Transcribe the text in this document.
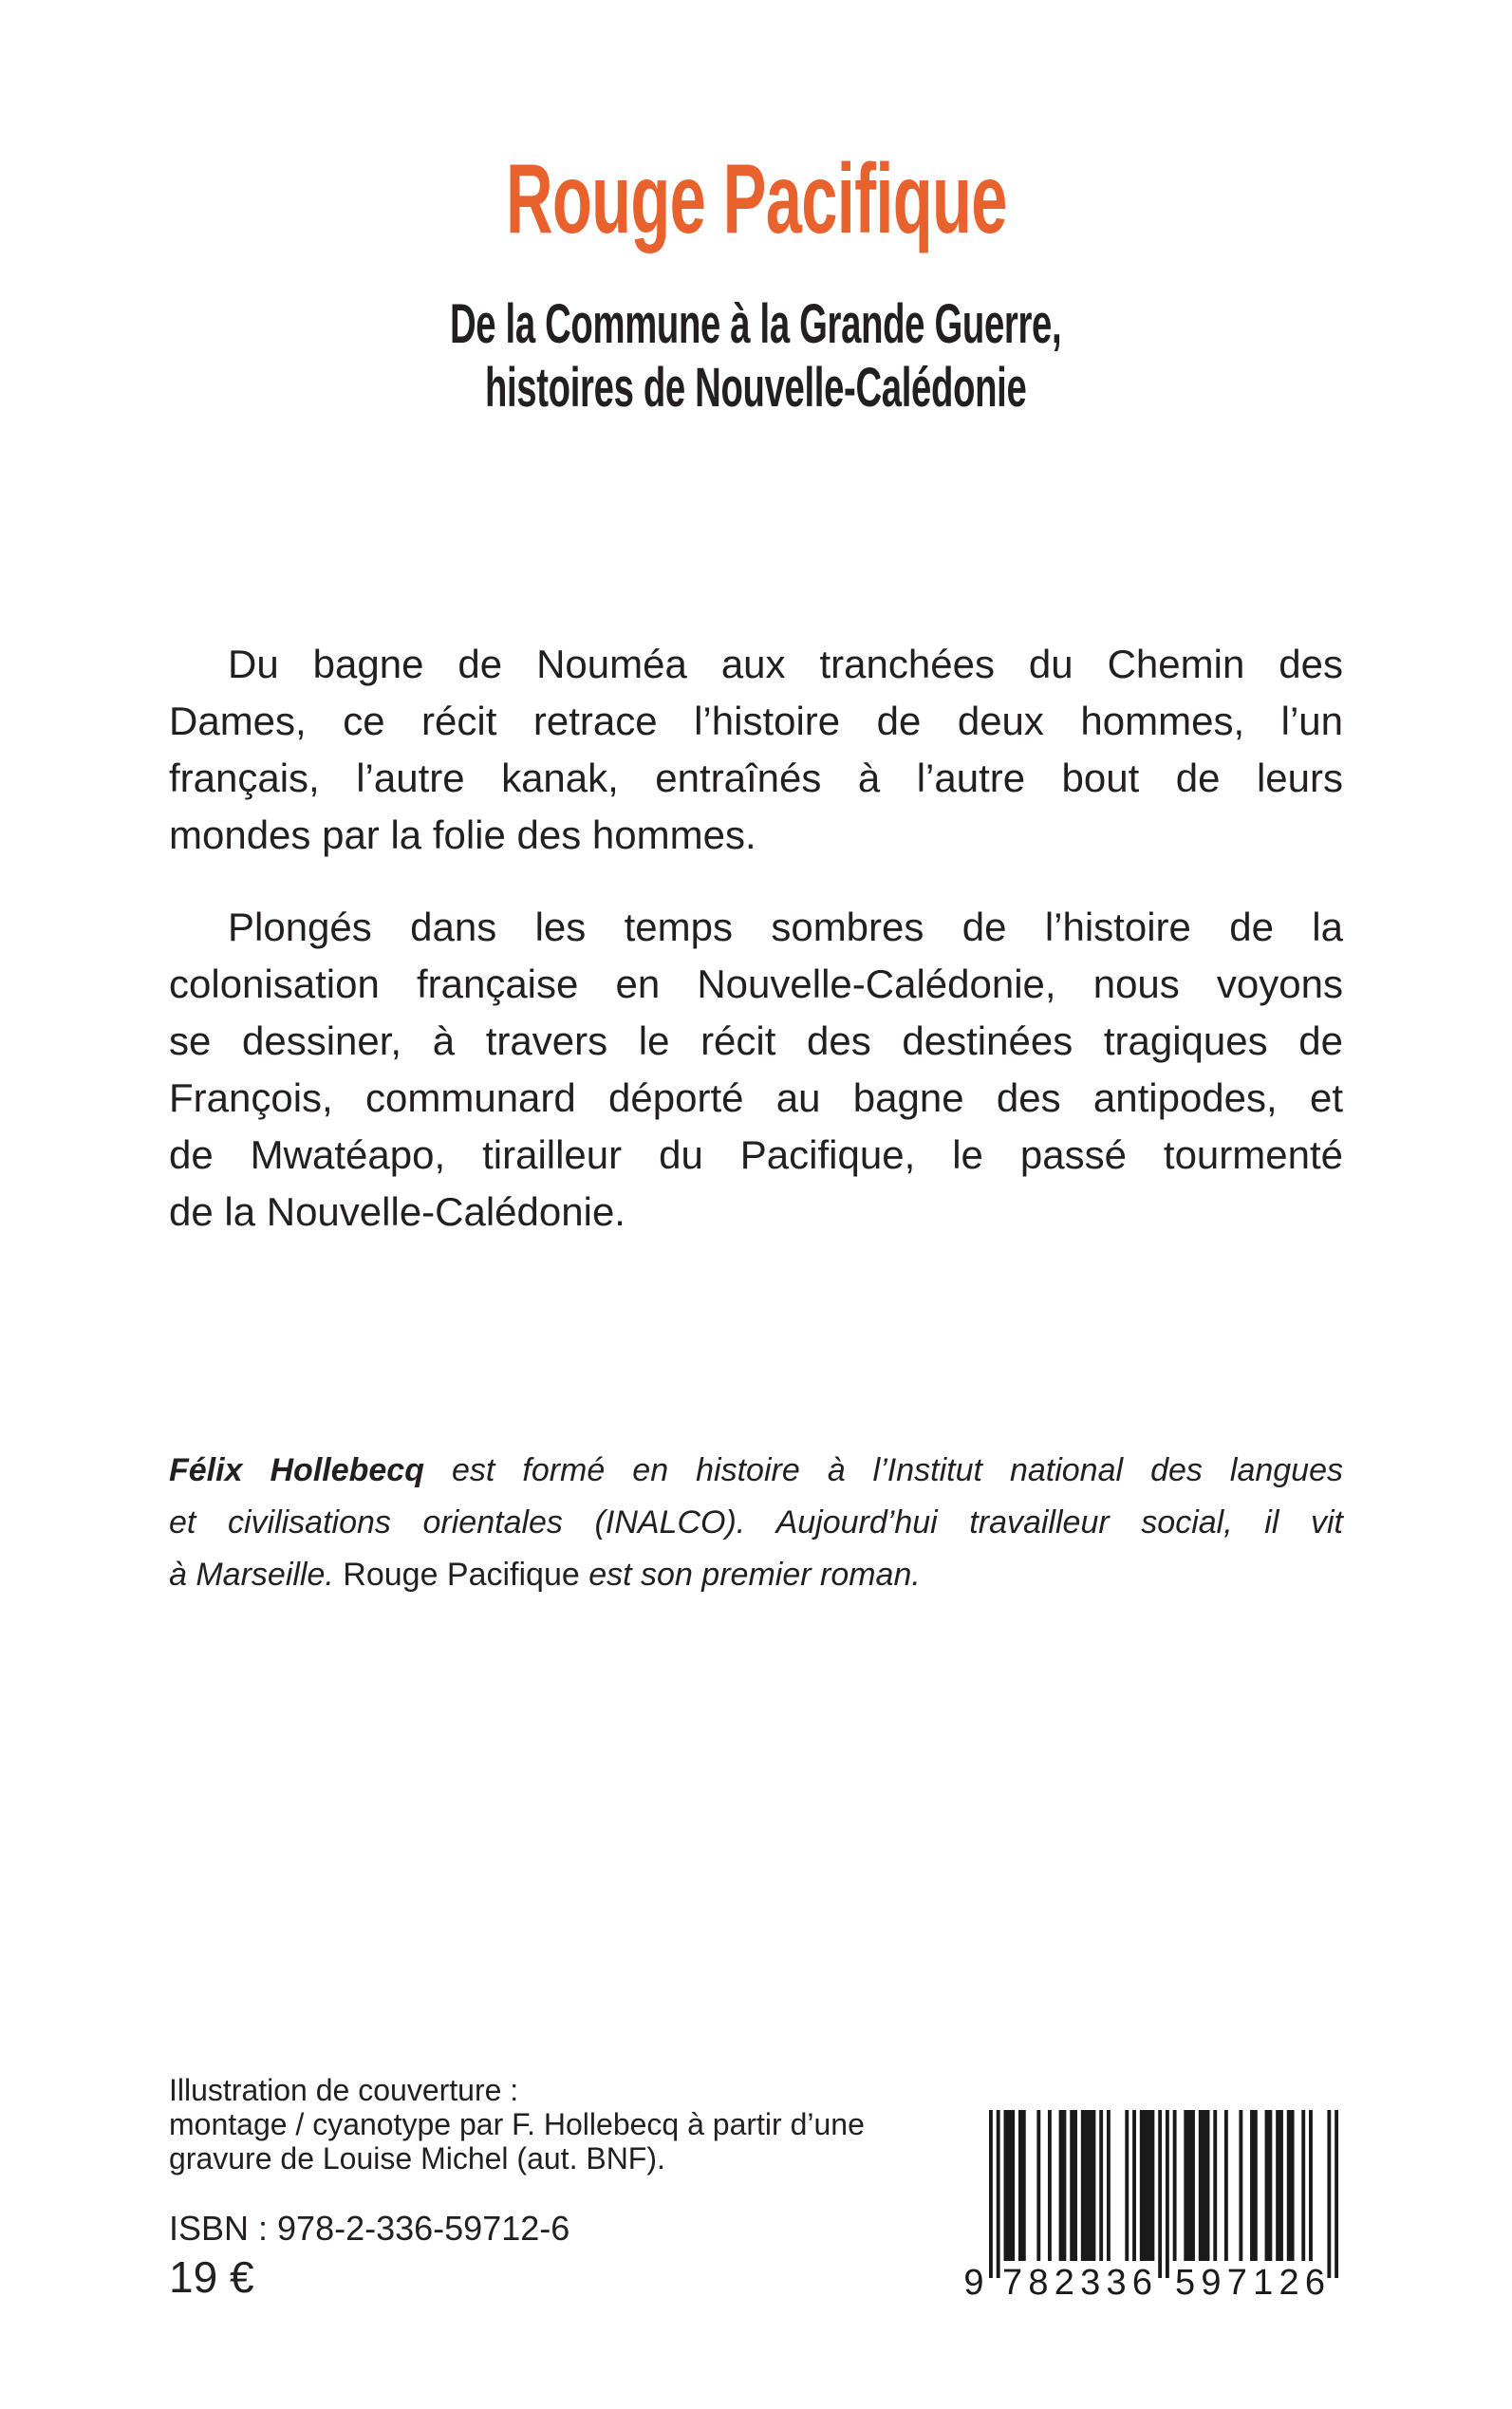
Rouge Pacifique
De la Commune à la Grande Guerre,
histoires de Nouvelle-Calédonie
Du bagne de Nouméa aux tranchées du Chemin des
Dames, ce récit retrace l’histoire de deux hommes, l’un
français, l’autre kanak, entraînés à l’autre bout de leurs
mondes par la folie des hommes.
Plongés dans les temps sombres de l’histoire de la
colonisation française en Nouvelle-Calédonie, nous voyons
se dessiner, à travers le récit des destinées tragiques de
François, communard déporté au bagne des antipodes, et
de Mwatéapo, tirailleur du Pacifique, le passé tourmenté
de la Nouvelle-Calédonie.
Félix Hollebecq est formé en histoire à l’Institut national des langues
et civilisations orientales (INALCO). Aujourd’hui travailleur social, il vit
à Marseille. Rouge Pacifique est son premier roman.
Illustration de couverture :
montage / cyanotype par F. Hollebecq à partir d’une
gravure de Louise Michel (aut. BNF).
ISBN : 978-2-336-59712-6
19 €	9 782336 597126
